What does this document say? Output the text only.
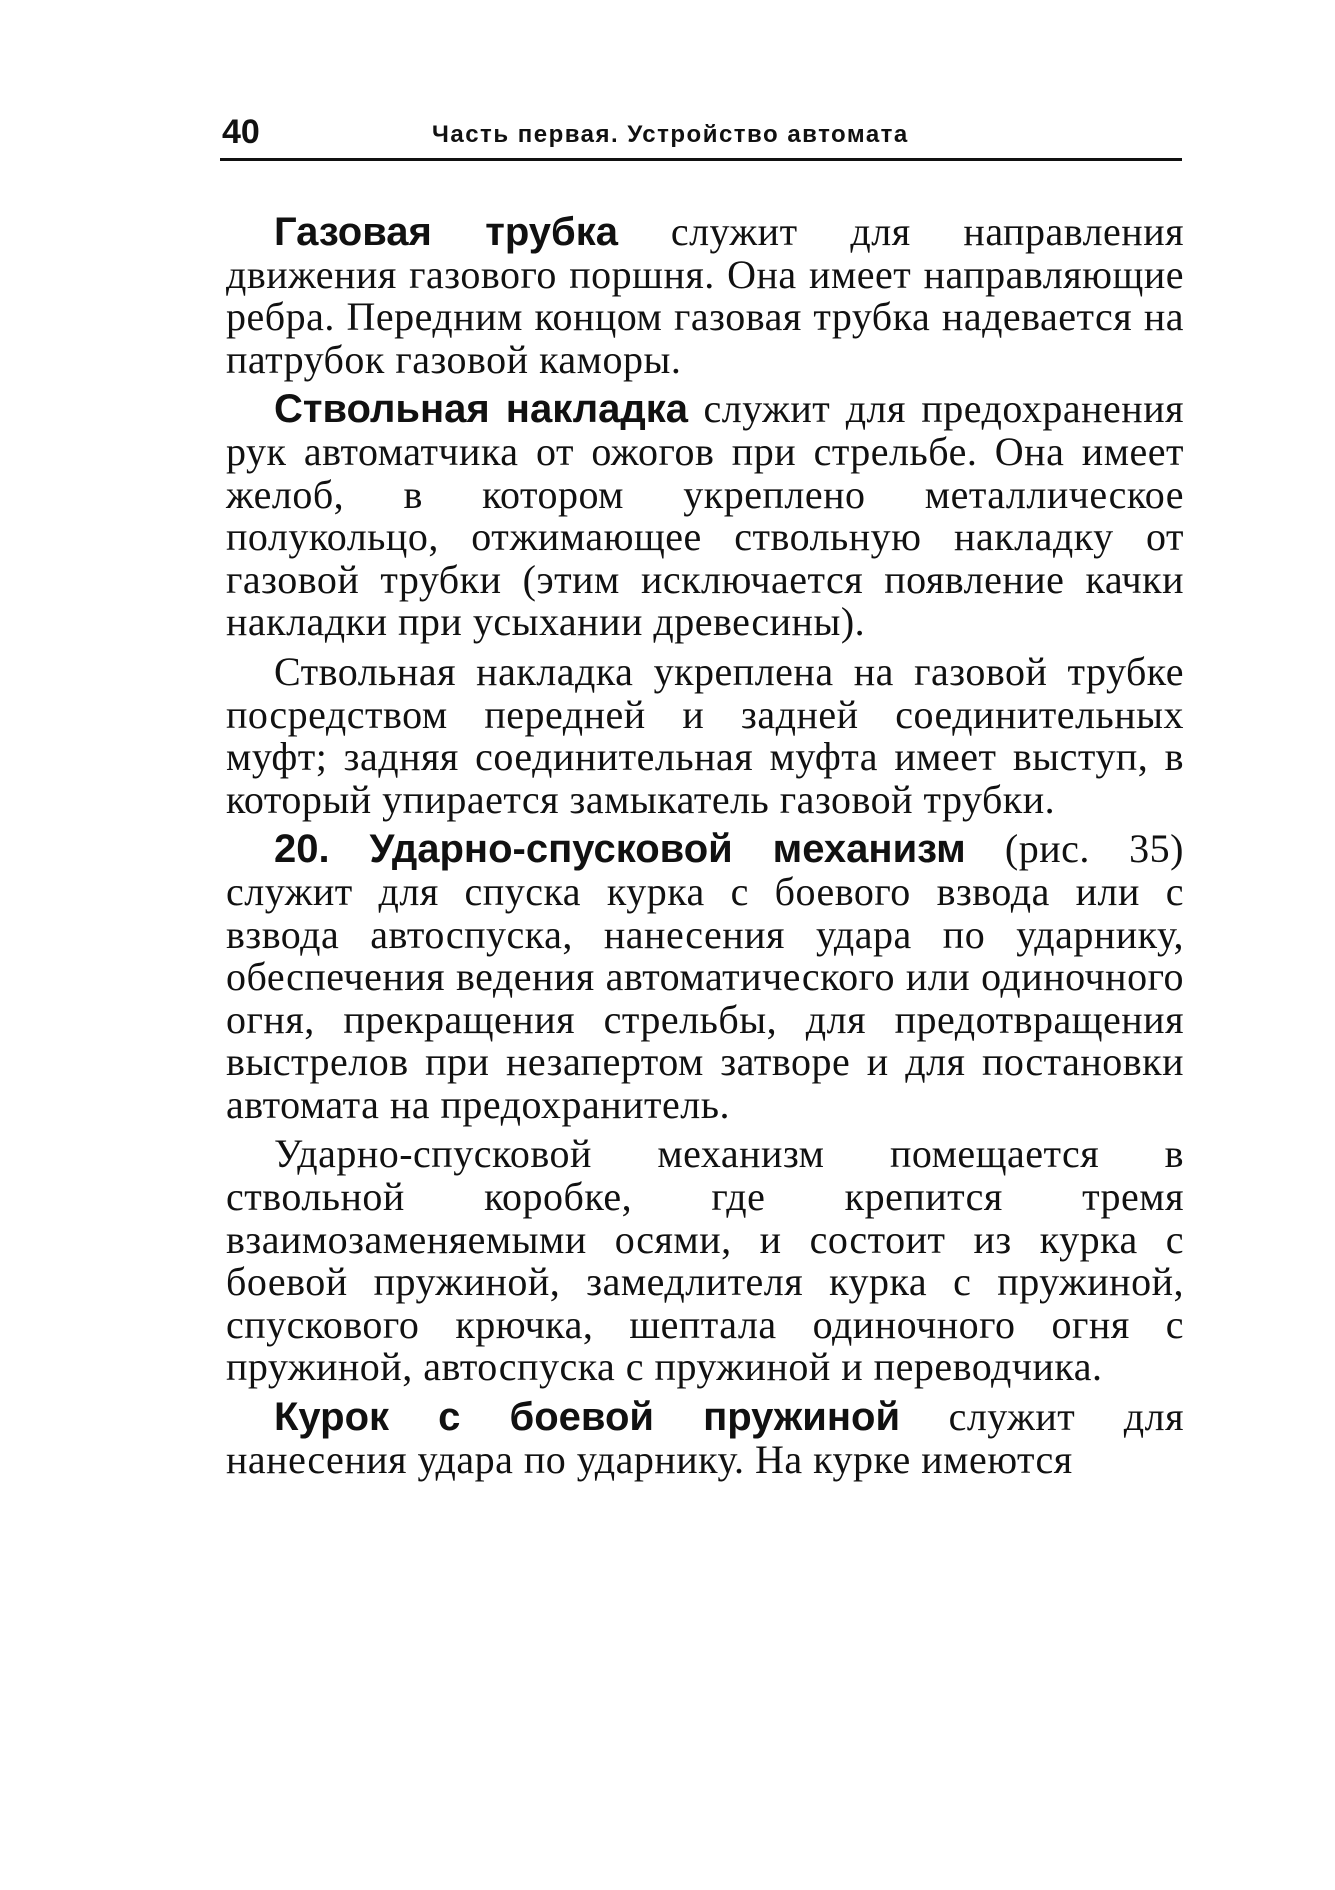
40	Часть первая. Устройство автомата

Газовая трубка служит для направления движения газового поршня. Она имеет направляющие ребра. Передним концом газовая трубка надевается на патрубок газовой каморы.

Ствольная накладка служит для предохранения рук автоматчика от ожогов при стрельбе. Она имеет желоб, в котором укреплено металлическое полукольцо, отжимающее ствольную накладку от газовой трубки (этим исключается появление качки накладки при усыхании древесины).

Ствольная накладка укреплена на газовой трубке посредством передней и задней соединительных муфт; задняя соединительная муфта имеет выступ, в который упирается замыкатель газовой трубки.

20. Ударно-спусковой механизм (рис. 35) служит для спуска курка с боевого взвода или с взвода автоспуска, нанесения удара по ударнику, обеспечения ведения автоматического или одиночного огня, прекращения стрельбы, для предотвращения выстрелов при незапертом затворе и для постановки автомата на предохранитель.

Ударно-спусковой механизм помещается в ствольной коробке, где крепится тремя взаимозаменяемыми осями, и состоит из курка с боевой пружиной, замедлителя курка с пружиной, спускового крючка, шептала одиночного огня с пружиной, автоспуска с пружиной и переводчика.

Курок с боевой пружиной служит для нанесения удара по ударнику. На курке имеются
